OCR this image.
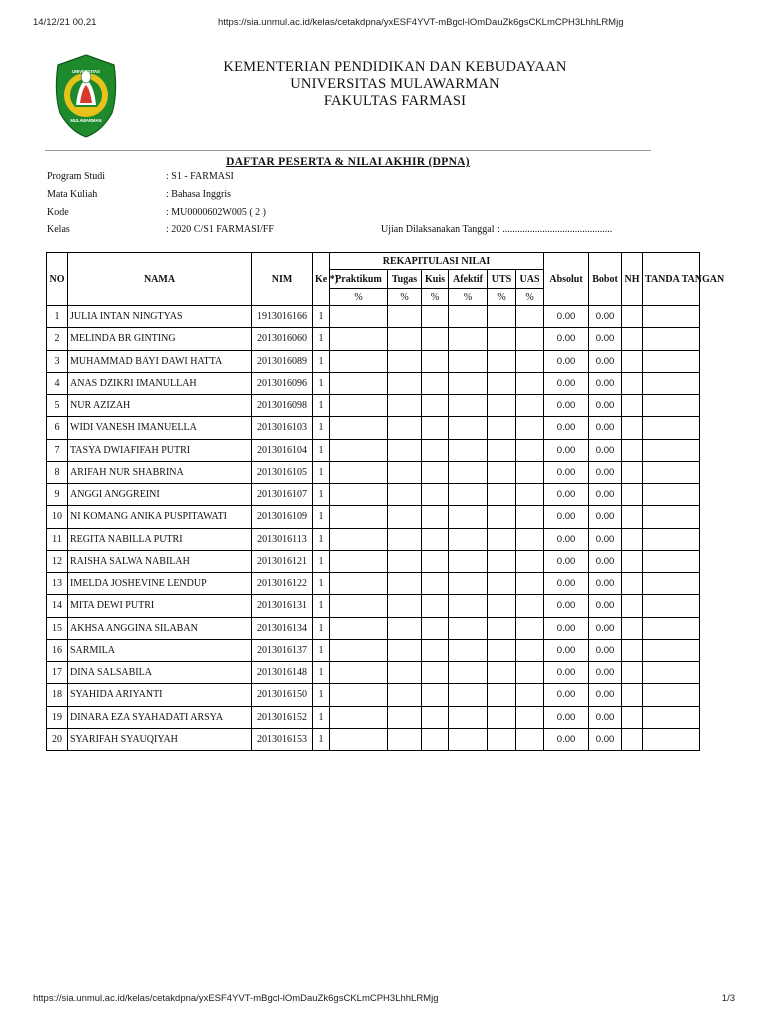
14/12/21 00.21	https://sia.unmul.ac.id/kelas/cetakdpna/yxESF4YVT-mBgcl-lOmDauZk6gsCKLmCPH3LhhLRMjg
UNIVERSITAS
MULAWARMAN
KEMENTERIAN PENDIDIKAN DAN KEBUDAYAAN
UNIVERSITAS MULAWARMAN
FAKULTAS FARMASI
DAFTAR PESERTA & NILAI AKHIR (DPNA)
Program Studi	: S1 - FARMASI
Mata Kuliah	: Bahasa Inggris
Kode	: MU0000602W005 ( 2 )
Kelas	: 2020 C/S1 FARMASI/FF	Ujian Dilaksanakan Tanggal : ............................................
NO	NAMA	NIM	Ke *)	REKAPITULASI NILAI						Absolut	Bobot	NH	TANDA TANGAN
				Praktikum	Tugas	Kuis	Afektif	UTS	UAS				
				%	%	%	%	%	%				
1	JULIA INTAN NINGTYAS	1913016166	1							0.00	0.00		
2	MELINDA BR GINTING	2013016060	1							0.00	0.00		
3	MUHAMMAD BAYI DAWI HATTA	2013016089	1							0.00	0.00		
4	ANAS DZIKRI IMANULLAH	2013016096	1							0.00	0.00		
5	NUR AZIZAH	2013016098	1							0.00	0.00		
6	WIDI VANESH IMANUELLA	2013016103	1							0.00	0.00		
7	TASYA DWIAFIFAH PUTRI	2013016104	1							0.00	0.00		
8	ARIFAH NUR SHABRINA	2013016105	1							0.00	0.00		
9	ANGGI ANGGREINI	2013016107	1							0.00	0.00		
10	NI KOMANG ANIKA PUSPITAWATI	2013016109	1							0.00	0.00		
11	REGITA NABILLA PUTRI	2013016113	1							0.00	0.00		
12	RAISHA SALWA NABILAH	2013016121	1							0.00	0.00		
13	IMELDA JOSHEVINE LENDUP	2013016122	1							0.00	0.00		
14	MITA DEWI PUTRI	2013016131	1							0.00	0.00		
15	AKHSA ANGGINA SILABAN	2013016134	1							0.00	0.00		
16	SARMILA	2013016137	1							0.00	0.00		
17	DINA SALSABILA	2013016148	1							0.00	0.00		
18	SYAHIDA ARIYANTI	2013016150	1							0.00	0.00		
19	DINARA EZA SYAHADATI ARSYA	2013016152	1							0.00	0.00		
20	SYARIFAH SYAUQIYAH	2013016153	1							0.00	0.00		
https://sia.unmul.ac.id/kelas/cetakdpna/yxESF4YVT-mBgcl-lOmDauZk6gsCKLmCPH3LhhLRMjg	1/3
